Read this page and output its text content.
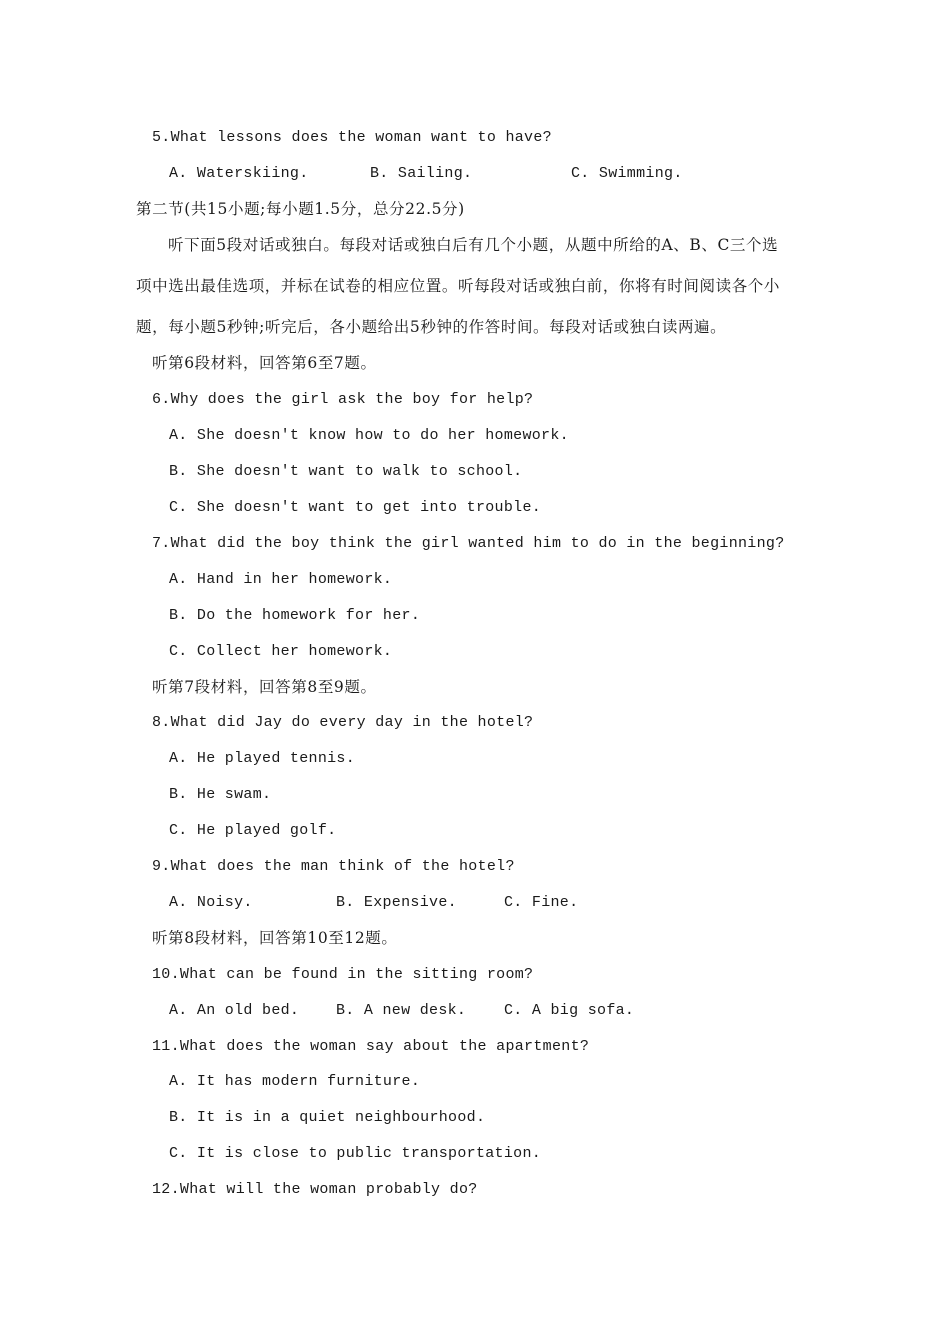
5.What lessons does the woman want to have?
A. Waterskiing.	B. Sailing.	C. Swimming.
第二节(共15小题;每小题1.5分，总分22.5分)
听下面5段对话或独白。每段对话或独白后有几个小题，从题中所给的A、B、C三个选
项中选出最佳选项，并标在试卷的相应位置。听每段对话或独白前，你将有时间阅读各个小
题，每小题5秒钟;听完后，各小题给出5秒钟的作答时间。每段对话或独白读两遍。
听第6段材料，回答第6至7题。
6.Why does the girl ask the boy for help?
A. She doesn't know how to do her homework.
B. She doesn't want to walk to school.
C. She doesn't want to get into trouble.
7.What did the boy think the girl wanted him to do in the beginning?
A. Hand in her homework.
B. Do the homework for her.
C. Collect her homework.
听第7段材料，回答第8至9题。
8.What did Jay do every day in the hotel?
A. He played tennis.
B. He swam.
C. He played golf.
9.What does the man think of the hotel?
A. Noisy.	B. Expensive.	C. Fine.
听第8段材料，回答第10至12题。
10.What can be found in the sitting room?
A. An old bed. B. A new desk.	C. A big sofa.
11.What does the woman say about the apartment?
A. It has modern furniture.
B. It is in a quiet neighbourhood.
C. It is close to public transportation.
12.What will the woman probably do?
